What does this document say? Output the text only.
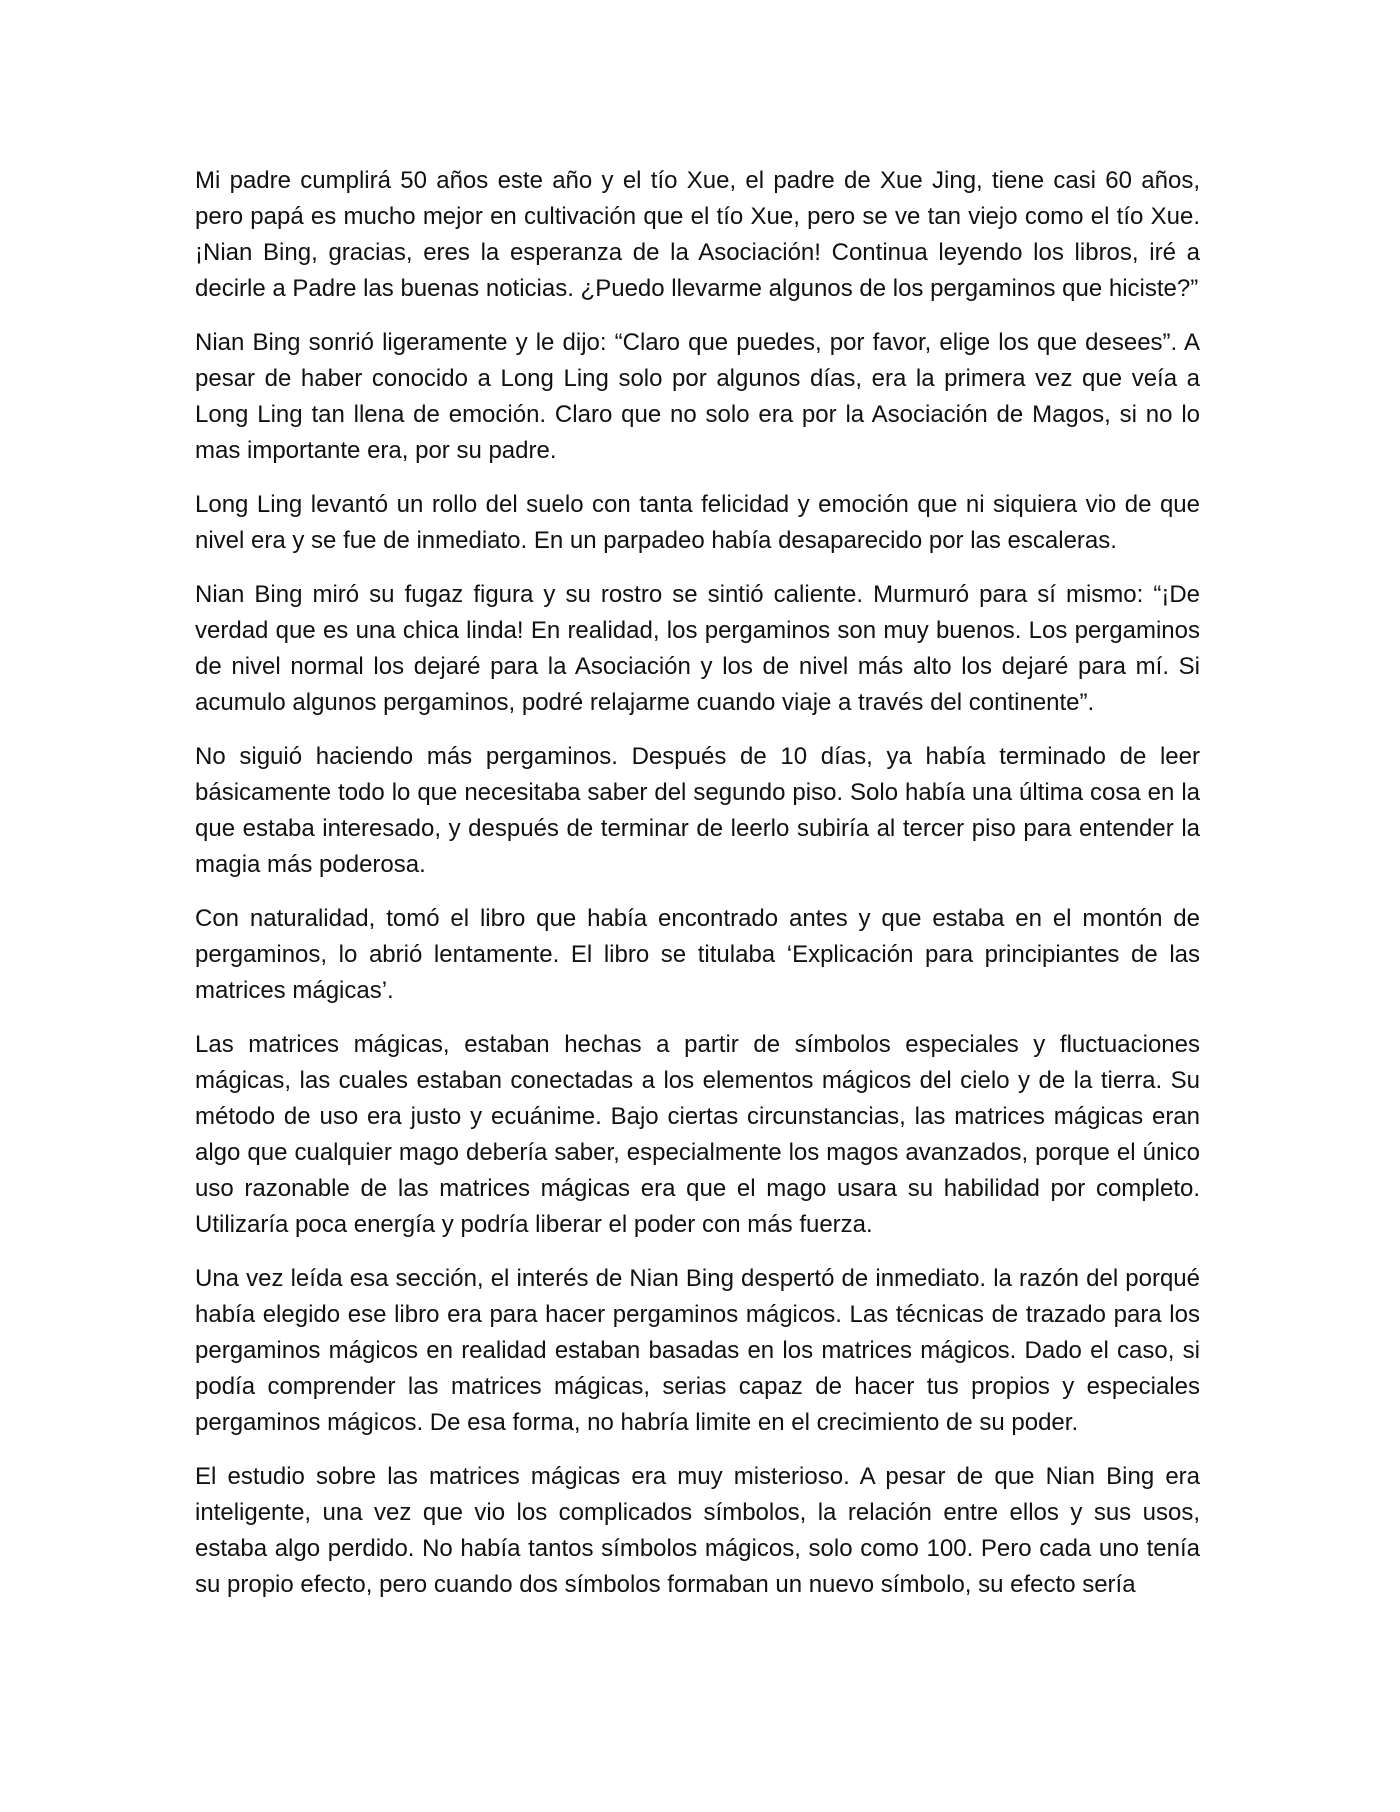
Mi padre cumplirá 50 años este año y el tío Xue, el padre de Xue Jing, tiene casi 60 años, pero papá es mucho mejor en cultivación que el tío Xue, pero se ve tan viejo como el tío Xue. ¡Nian Bing, gracias, eres la esperanza de la Asociación! Continua leyendo los libros, iré a decirle a Padre las buenas noticias. ¿Puedo llevarme algunos de los pergaminos que hiciste?”

Nian Bing sonrió ligeramente y le dijo: “Claro que puedes, por favor, elige los que desees”. A pesar de haber conocido a Long Ling solo por algunos días, era la primera vez que veía a Long Ling tan llena de emoción. Claro que no solo era por la Asociación de Magos, si no lo mas importante era, por su padre.

Long Ling levantó un rollo del suelo con tanta felicidad y emoción que ni siquiera vio de que nivel era y se fue de inmediato. En un parpadeo había desaparecido por las escaleras.

Nian Bing miró su fugaz figura y su rostro se sintió caliente. Murmuró para sí mismo: “¡De verdad que es una chica linda! En realidad, los pergaminos son muy buenos. Los pergaminos de nivel normal los dejaré para la Asociación y los de nivel más alto los dejaré para mí. Si acumulo algunos pergaminos, podré relajarme cuando viaje a través del continente”.

No siguió haciendo más pergaminos. Después de 10 días, ya había terminado de leer básicamente todo lo que necesitaba saber del segundo piso. Solo había una última cosa en la que estaba interesado, y después de terminar de leerlo subiría al tercer piso para entender la magia más poderosa.

Con naturalidad, tomó el libro que había encontrado antes y que estaba en el montón de pergaminos, lo abrió lentamente. El libro se titulaba ‘Explicación para principiantes de las matrices mágicas’.

Las matrices mágicas, estaban hechas a partir de símbolos especiales y fluctuaciones mágicas, las cuales estaban conectadas a los elementos mágicos del cielo y de la tierra. Su método de uso era justo y ecuánime. Bajo ciertas circunstancias, las matrices mágicas eran algo que cualquier mago debería saber, especialmente los magos avanzados, porque el único uso razonable de las matrices mágicas era que el mago usara su habilidad por completo. Utilizaría poca energía y podría liberar el poder con más fuerza.

Una vez leída esa sección, el interés de Nian Bing despertó de inmediato. la razón del porqué había elegido ese libro era para hacer pergaminos mágicos. Las técnicas de trazado para los pergaminos mágicos en realidad estaban basadas en los matrices mágicos. Dado el caso, si podía comprender las matrices mágicas, serias capaz de hacer tus propios y especiales pergaminos mágicos. De esa forma, no habría limite en el crecimiento de su poder.

El estudio sobre las matrices mágicas era muy misterioso. A pesar de que Nian Bing era inteligente, una vez que vio los complicados símbolos, la relación entre ellos y sus usos, estaba algo perdido. No había tantos símbolos mágicos, solo como 100. Pero cada uno tenía su propio efecto, pero cuando dos símbolos formaban un nuevo símbolo, su efecto sería
